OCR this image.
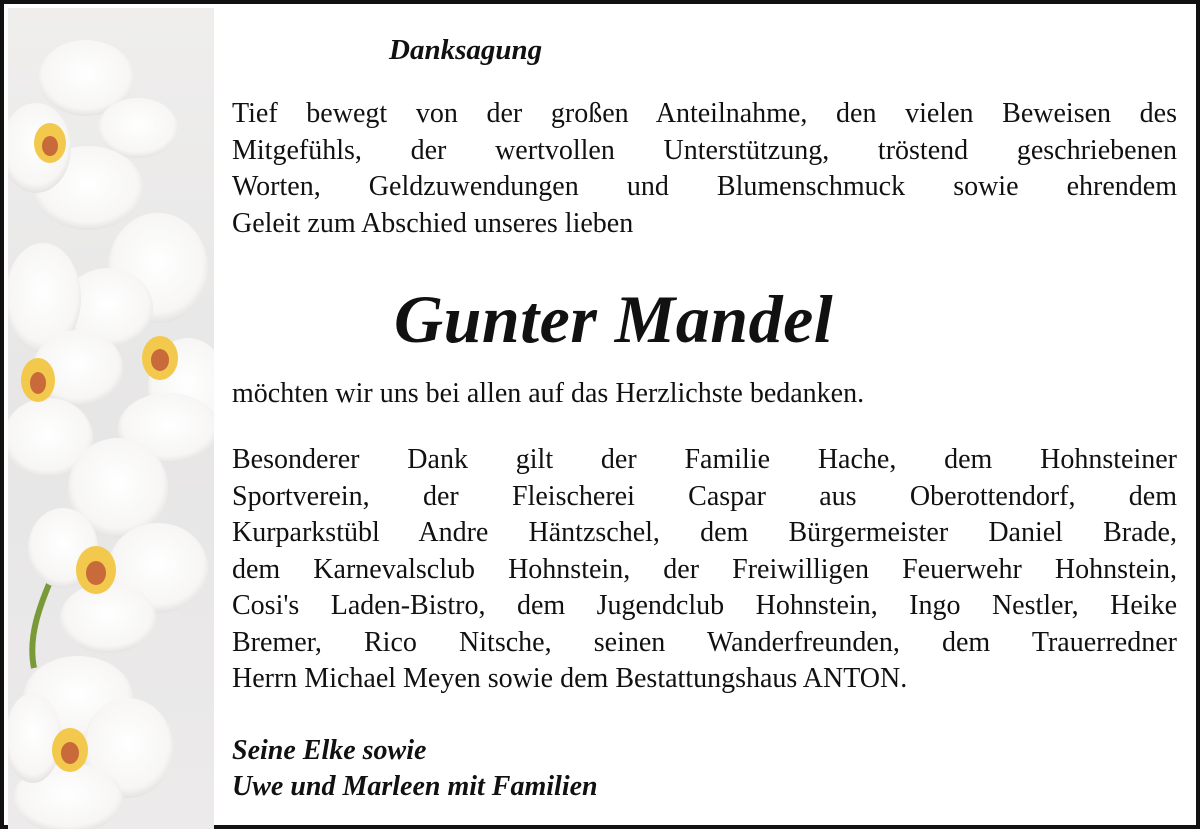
Danksagung

Tief bewegt von der großen Anteilnahme, den vielen Beweisen des
Mitgefühls, der wertvollen Unterstützung, tröstend geschriebenen
Worten, Geldzuwendungen und Blumenschmuck sowie ehrendem
Geleit zum Abschied unseres lieben

Gunter Mandel

möchten wir uns bei allen auf das Herzlichste bedanken.

Besonderer Dank gilt der Familie Hache, dem Hohnsteiner
Sportverein, der Fleischerei Caspar aus Oberottendorf, dem
Kurparkstübl Andre Häntzschel, dem Bürgermeister Daniel Brade,
dem Karnevalsclub Hohnstein, der Freiwilligen Feuerwehr Hohnstein,
Cosi's Laden-Bistro, dem Jugendclub Hohnstein, Ingo Nestler, Heike
Bremer, Rico Nitsche, seinen Wanderfreunden, dem Trauerredner
Herrn Michael Meyen sowie dem Bestattungshaus ANTON.

Seine Elke sowie
Uwe und Marleen mit Familien
